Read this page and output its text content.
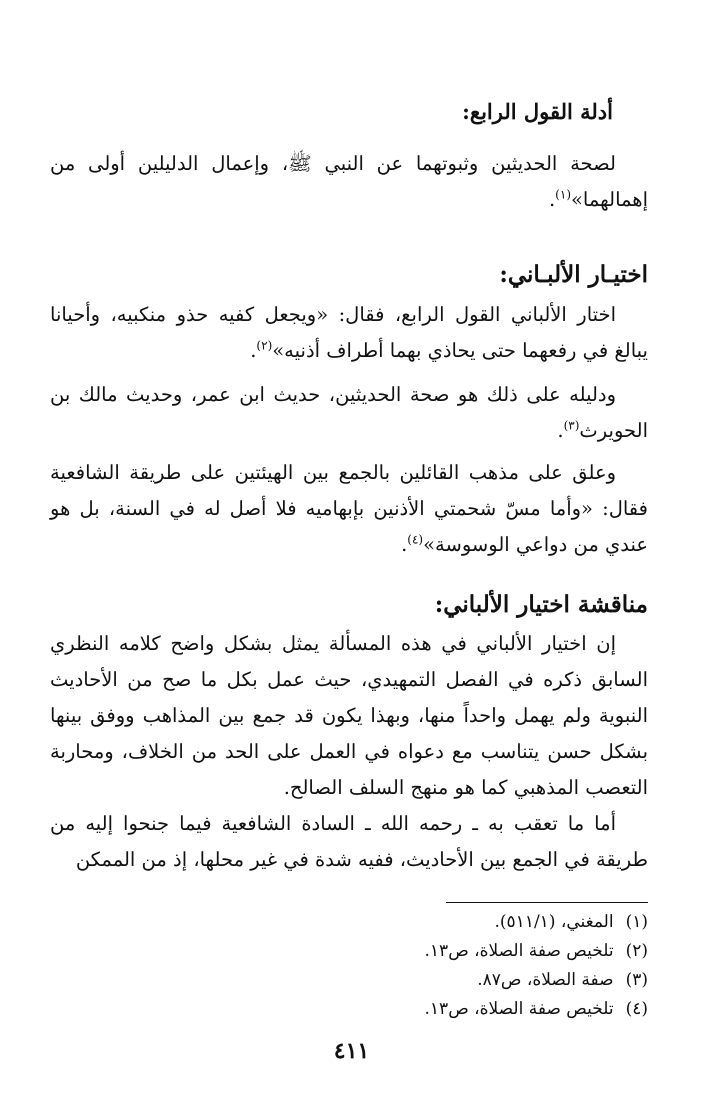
أدلة القول الرابع:

لصحة الحديثين وثبوتهما عن النبي ﷺ، وإعمال الدليلين أولى من إهمالهما»$^{(١)}$.

اختيـار الألبـاني:

اختار الألباني القول الرابع، فقال: «ويجعل كفيه حذو منكبيه، وأحيانا يبالغ في رفعهما حتى يحاذي بهما أطراف أذنيه»$^{(٢)}$.

ودليله على ذلك هو صحة الحديثين، حديث ابن عمر، وحديث مالك بن الحويرث$^{(٣)}$.

وعلق على مذهب القائلين بالجمع بين الهيئتين على طريقة الشافعية فقال: «وأما مسّ شحمتي الأذنين بإبهاميه فلا أصل له في السنة، بل هو عندي من دواعي الوسوسة»$^{(٤)}$.

مناقشة اختيار الألباني:

إن اختيار الألباني في هذه المسألة يمثل بشكل واضح كلامه النظري السابق ذكره في الفصل التمهيدي، حيث عمل بكل ما صح من الأحاديث النبوية ولم يهمل واحداً منها، وبهذا يكون قد جمع بين المذاهب ووفق بينها بشكل حسن يتناسب مع دعواه في العمل على الحد من الخلاف، ومحاربة التعصب المذهبي كما هو منهج السلف الصالح.

أما ما تعقب به ـ رحمه الله ـ السادة الشافعية فيما جنحوا إليه من طريقة في الجمع بين الأحاديث، ففيه شدة في غير محلها، إذ من الممكن

(١)المغني، (٥١١/١).
(٢)تلخيص صفة الصلاة، ص١٣.
(٣)صفة الصلاة، ص٨٧.
(٤)تلخيص صفة الصلاة، ص١٣.
٤١١
